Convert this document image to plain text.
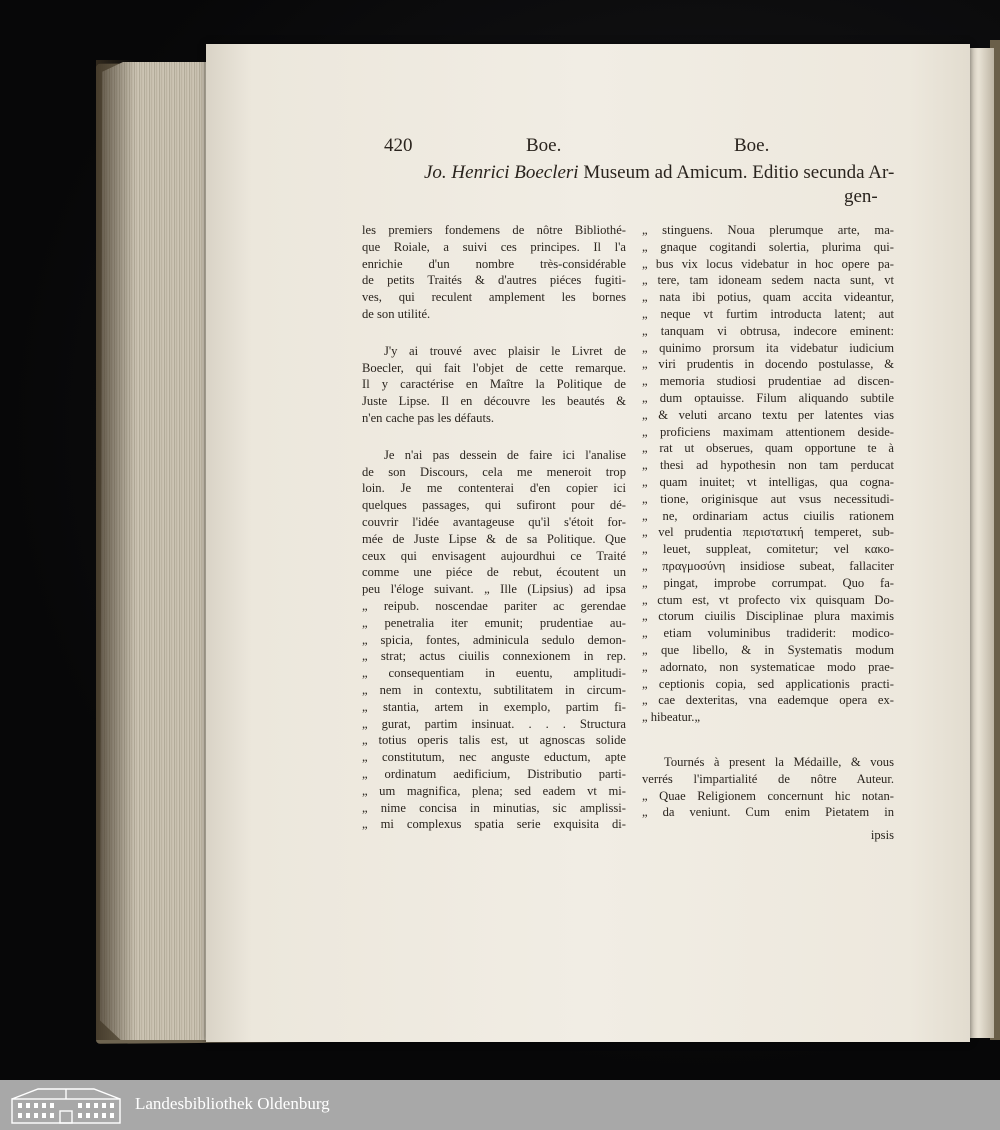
420	Boe.	Boe.
Jo. Henrici Boecleri Museum ad Amicum. Editio secunda Ar-
gen-

les premiers fondemens de nôtre Bibliothé-
que Roiale, a suivi ces principes. Il l'a
enrichie d'un nombre très-considérable
de petits Traités & d'autres piéces fugiti-
ves, qui reculent amplement les bornes
de son utilité.

J'y ai trouvé avec plaisir le Livret de
Boecler, qui fait l'objet de cette remarque.
Il y caractérise en Maître la Politique de
Juste Lipse. Il en découvre les beautés &
n'en cache pas les défauts.

Je n'ai pas dessein de faire ici l'analise
de son Discours, cela me meneroit trop
loin. Je me contenterai d'en copier ici
quelques passages, qui sufiront pour dé-
couvrir l'idée avantageuse qu'il s'étoit for-
mée de Juste Lipse & de sa Politique. Que
ceux qui envisagent aujourdhui ce Traité
comme une piéce de rebut, écoutent un
peu l'éloge suivant. „ Ille (Lipsius) ad ipsa
„ reipub. noscendae pariter ac gerendae
„ penetralia iter emunit; prudentiae au-
„ spicia, fontes, adminicula sedulo demon-
„ strat; actus ciuilis connexionem in rep.
„ consequentiam in euentu, amplitudi-
„ nem in contextu, subtilitatem in circum-
„ stantia, artem in exemplo, partim fi-
„ gurat, partim insinuat. . . . Structura
„ totius operis talis est, ut agnoscas solide
„ constitutum, nec anguste eductum, apte
„ ordinatum aedificium, Distributio parti-
„ um magnifica, plena; sed eadem vt mi-
„ nime concisa in minutias, sic amplissi-
„ mi complexus spatia serie exquisita di-

„ stinguens. Noua plerumque arte, ma-
„ gnaque cogitandi solertia, plurima qui-
„ bus vix locus videbatur in hoc opere pa-
„ tere, tam idoneam sedem nacta sunt, vt
„ nata ibi potius, quam accita videantur,
„ neque vt furtim introducta latent; aut
„ tanquam vi obtrusa, indecore eminent:
„ quinimo prorsum ita videbatur iudicium
„ viri prudentis in docendo postulasse, &
„ memoria studiosi prudentiae ad discen-
„ dum optauisse. Filum aliquando subtile
„ & veluti arcano textu per latentes vias
„ proficiens maximam attentionem deside-
„ rat ut obserues, quam opportune te à
„ thesi ad hypothesin non tam perducat
„ quam inuitet; vt intelligas, qua cogna-
„ tione, originisque aut vsus necessitudi-
„ ne, ordinariam actus ciuilis rationem
„ vel prudentia περιστατική temperet, sub-
„ leuet, suppleat, comitetur; vel κακο-
„ πραγμοσύνη insidiose subeat, fallaciter
„ pingat, improbe corrumpat. Quo fa-
„ ctum est, vt profecto vix quisquam Do-
„ ctorum ciuilis Disciplinae plura maximis
„ etiam voluminibus tradiderit: modico-
„ que libello, & in Systematis modum
„ adornato, non systematicae modo prae-
„ ceptionis copia, sed applicationis practi-
„ cae dexteritas, vna eademque opera ex-
„ hibeatur.„

Tournés à present la Médaille, & vous
verrés l'impartialité de nôtre Auteur.
„ Quae Religionem concernunt hic notan-
„ da veniunt. Cum enim Pietatem in

ipsis
Landesbibliothek Oldenburg
